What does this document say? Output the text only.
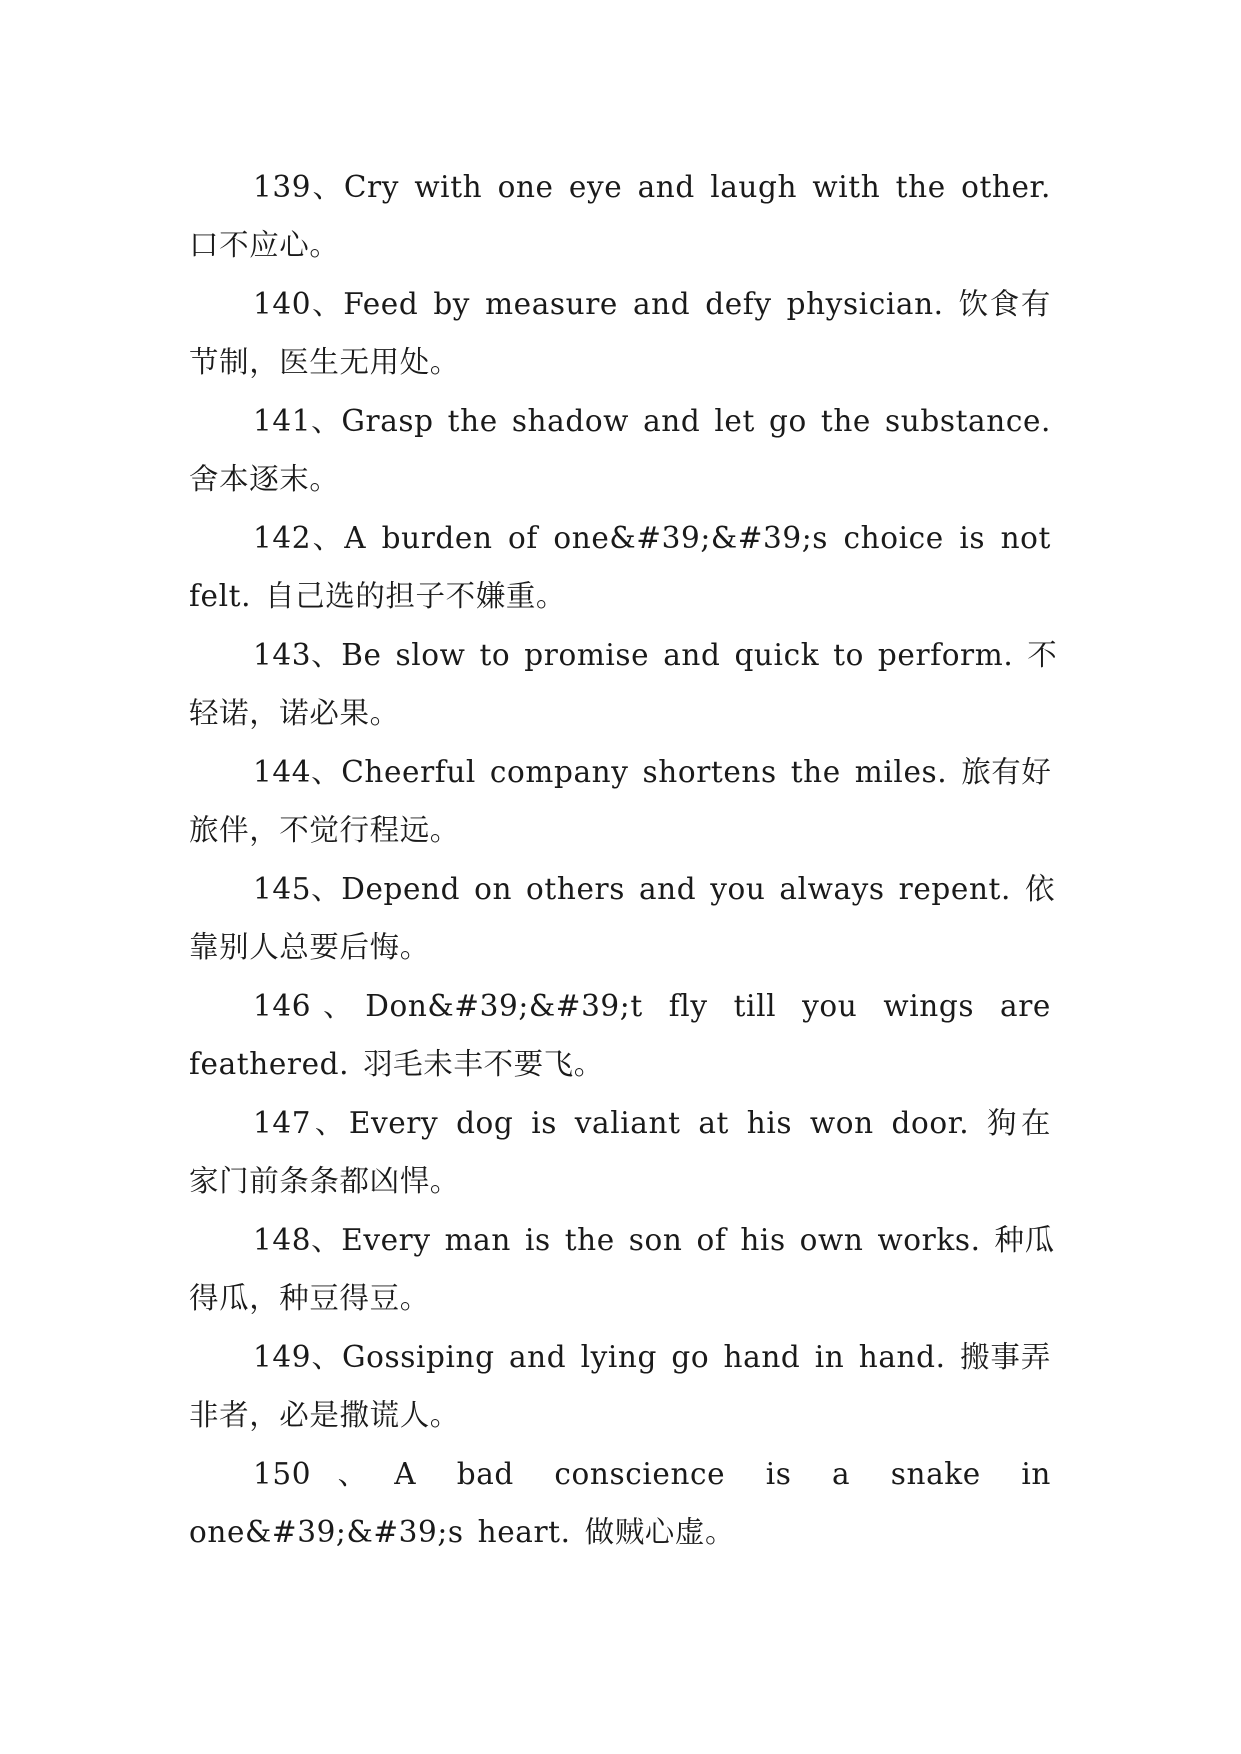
139、Cry with one eye and laugh with the other.
口不应心。

140、Feed by measure and defy physician. 饮食有
节制，医生无用处。

141、Grasp the shadow and let go the substance.
舍本逐末。

142、A burden of one&#39;&#39;s choice is not
felt. 自己选的担子不嫌重。

143、Be slow to promise and quick to perform. 不
轻诺，诺必果。

144、Cheerful company shortens the miles. 旅有好
旅伴，不觉行程远。

145、Depend on others and you always repent. 依
靠别人总要后悔。

146、Don&#39;&#39;t fly till you wings are
feathered. 羽毛未丰不要飞。

147、Every dog is valiant at his won door. 狗在
家门前条条都凶悍。

148、Every man is the son of his own works. 种瓜
得瓜，种豆得豆。

149、Gossiping and lying go hand in hand. 搬事弄
非者，必是撒谎人。

150、A bad conscience is a snake in
one&#39;&#39;s heart. 做贼心虚。
